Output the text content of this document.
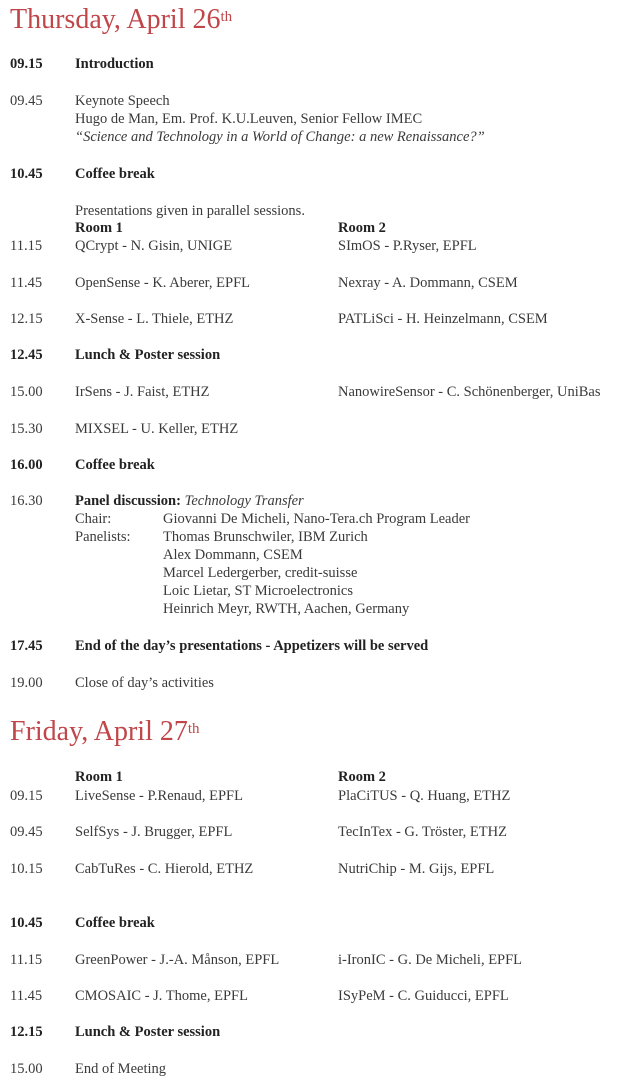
Thursday, April 26th
09.15 Introduction
09.45 Keynote Speech
Hugo de Man, Em. Prof. K.U.Leuven, Senior Fellow IMEC
“Science and Technology in a World of Change: a new Renaissance?”
10.45 Coffee break
Presentations given in parallel sessions.
Room 1	Room 2
11.15 QCrypt - N. Gisin, UNIGE	SImOS - P.Ryser, EPFL
11.45 OpenSense - K. Aberer, EPFL	Nexray - A. Dommann, CSEM
12.15 X-Sense - L. Thiele, ETHZ	PATLiSci - H. Heinzelmann, CSEM
12.45 Lunch & Poster session
15.00 IrSens - J. Faist, ETHZ	NanowireSensor - C. Schönenberger, UniBas
15.30 MIXSEL - U. Keller, ETHZ
16.00 Coffee break
16.30 Panel discussion: Technology Transfer
Chair:	Giovanni De Micheli, Nano-Tera.ch Program Leader
Panelists: Thomas Brunschwiler, IBM Zurich
Alex Dommann, CSEM
Marcel Ledergerber, credit-suisse
Loic Lietar, ST Microelectronics
Heinrich Meyr, RWTH, Aachen, Germany
17.45 End of the day’s presentations - Appetizers will be served
19.00 Close of day’s activities
Friday, April 27th
Room 1	Room 2
09.15 LiveSense - P.Renaud, EPFL	PlaCiTUS - Q. Huang, ETHZ
09.45 SelfSys - J. Brugger, EPFL	TecInTex - G. Tröster, ETHZ
10.15 CabTuRes - C. Hierold, ETHZ	NutriChip - M. Gijs, EPFL
10.45 Coffee break
11.15 GreenPower - J.-A. Månson, EPFL	i-IronIC - G. De Micheli, EPFL
11.45 CMOSAIC - J. Thome, EPFL	ISyPeM - C. Guiducci, EPFL
12.15 Lunch & Poster session
15.00 End of Meeting
